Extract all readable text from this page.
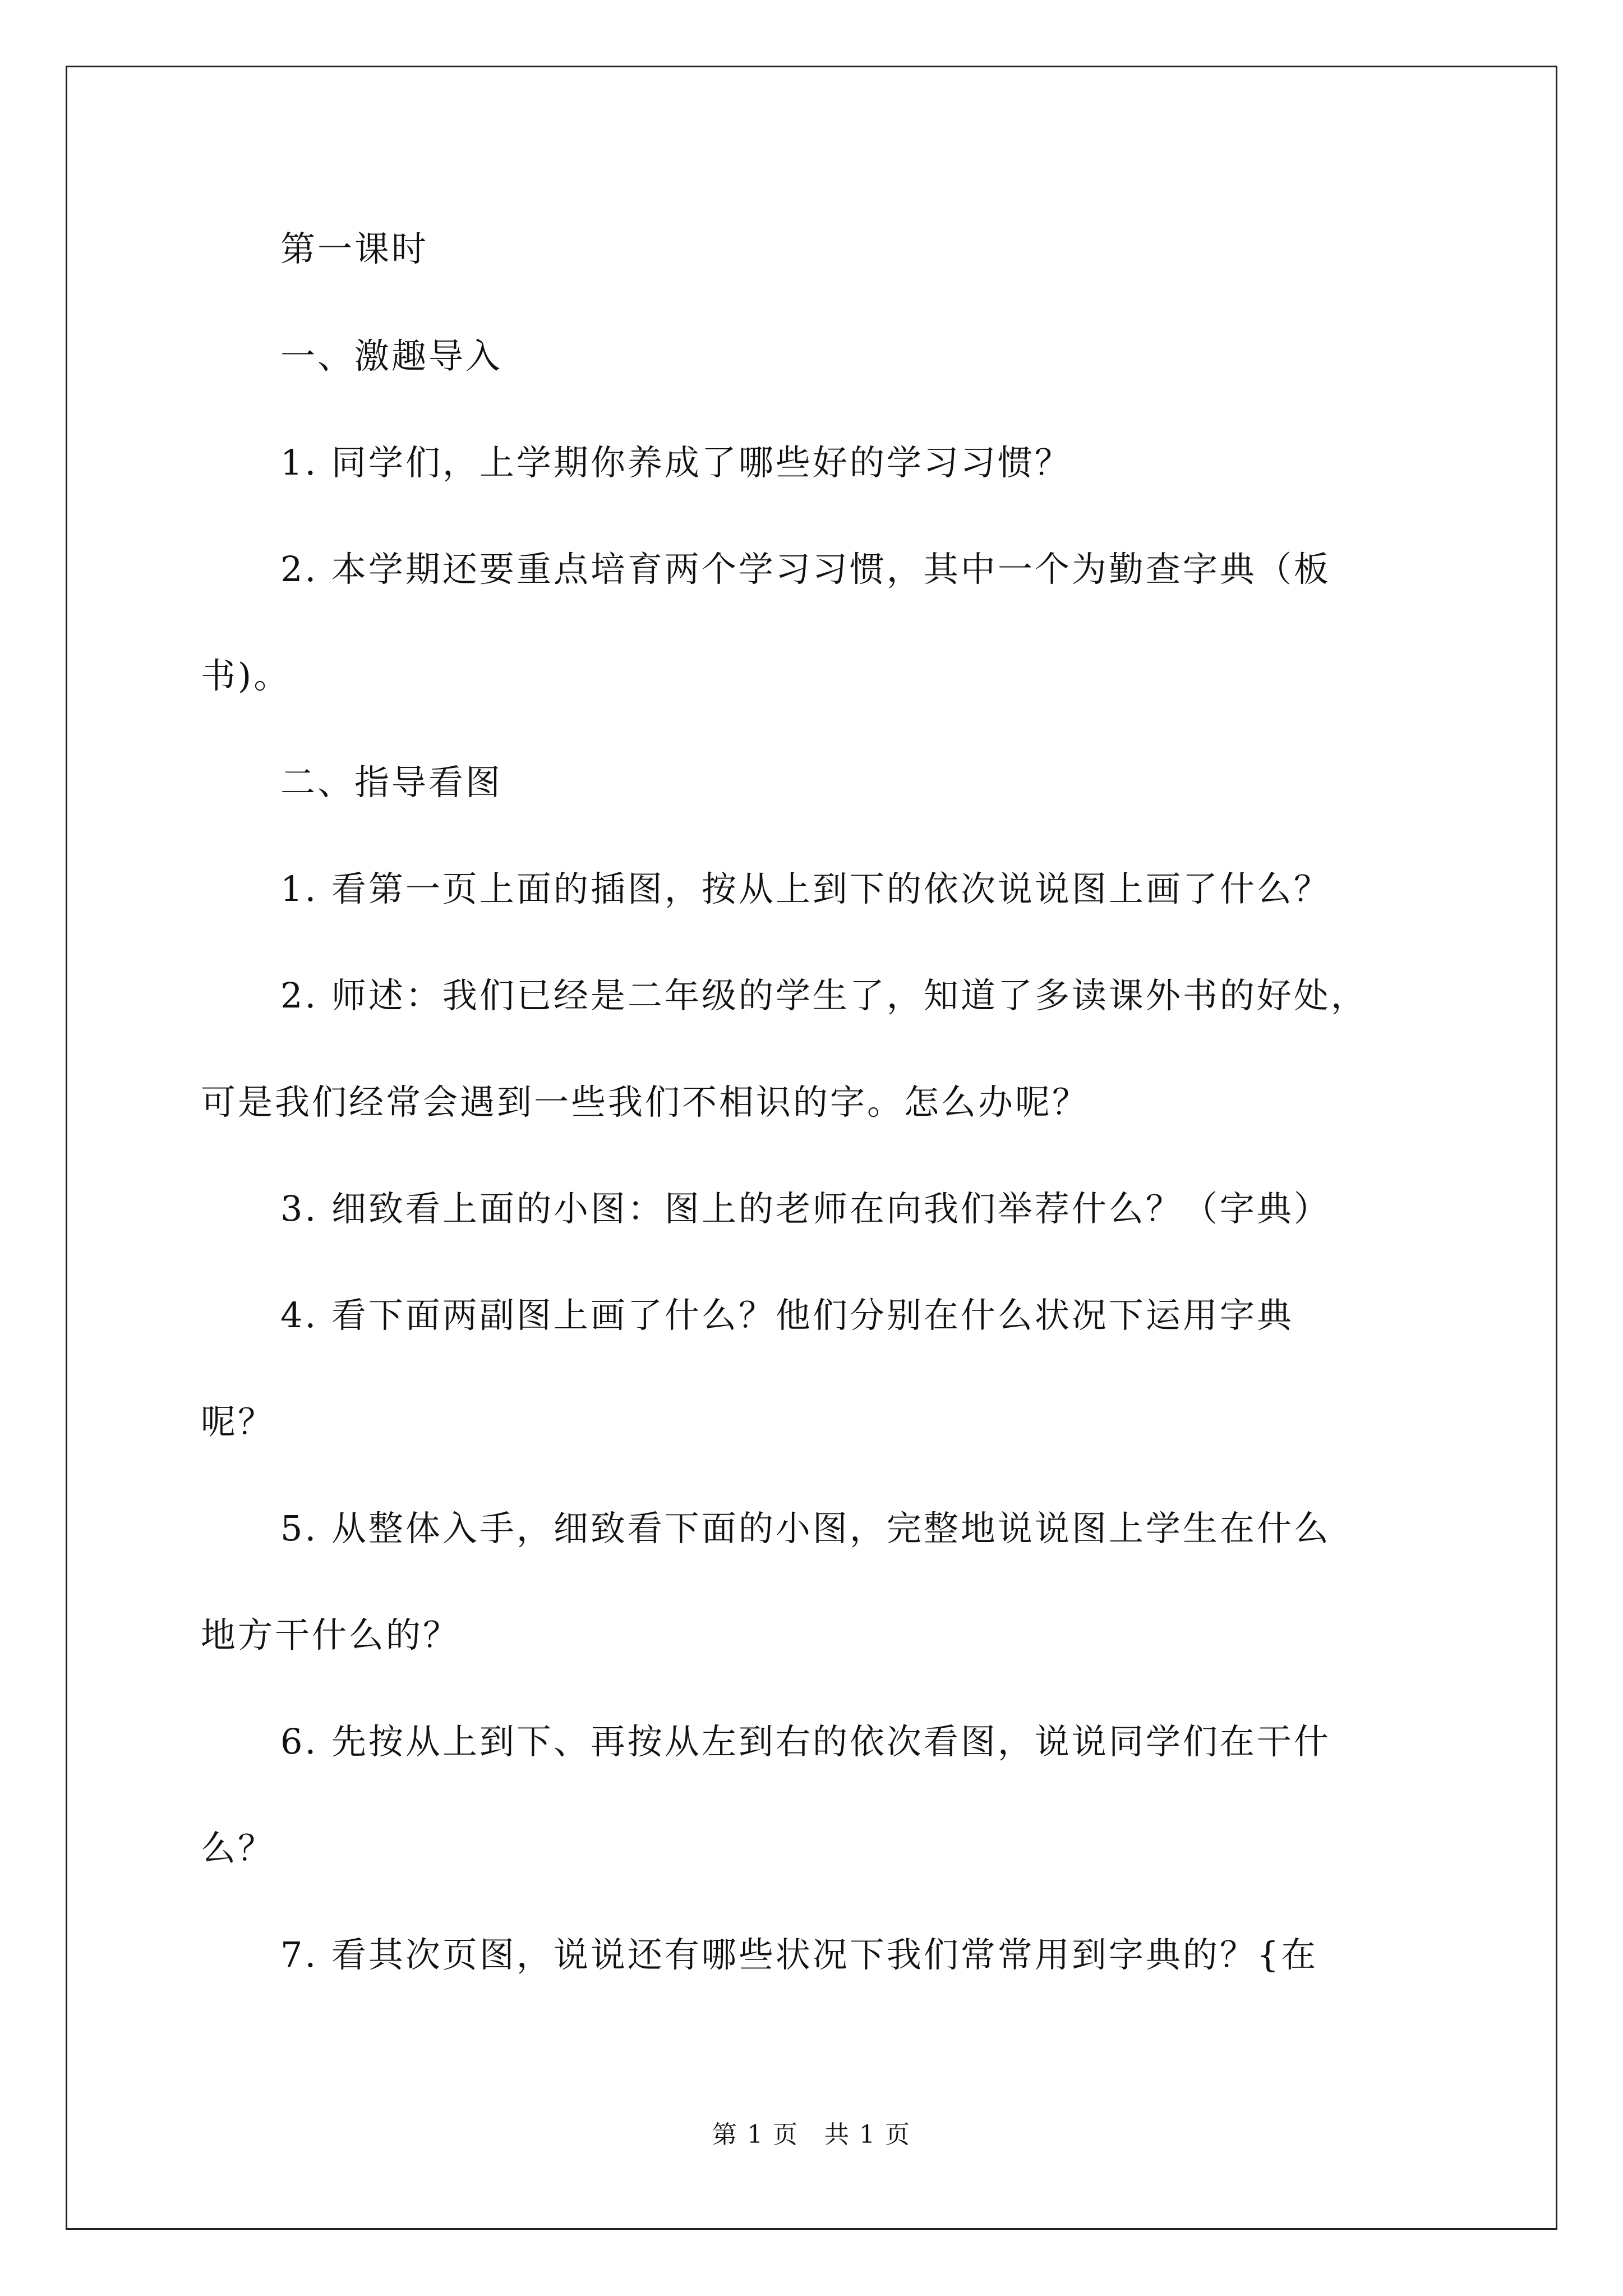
第一课时
一、激趣导入
1. 同学们，上学期你养成了哪些好的学习习惯？
2. 本学期还要重点培育两个学习习惯，其中一个为勤查字典（板
书)。
二、指导看图
1. 看第一页上面的插图，按从上到下的依次说说图上画了什么？
2. 师述：我们已经是二年级的学生了，知道了多读课外书的好处，
可是我们经常会遇到一些我们不相识的字。怎么办呢？
3. 细致看上面的小图：图上的老师在向我们举荐什么？（字典）
4. 看下面两副图上画了什么？他们分别在什么状况下运用字典
呢？
5. 从整体入手，细致看下面的小图，完整地说说图上学生在什么
地方干什么的？
6. 先按从上到下、再按从左到右的依次看图，说说同学们在干什
么？
7. 看其次页图，说说还有哪些状况下我们常常用到字典的？{在
第 1 页　共 1 页
